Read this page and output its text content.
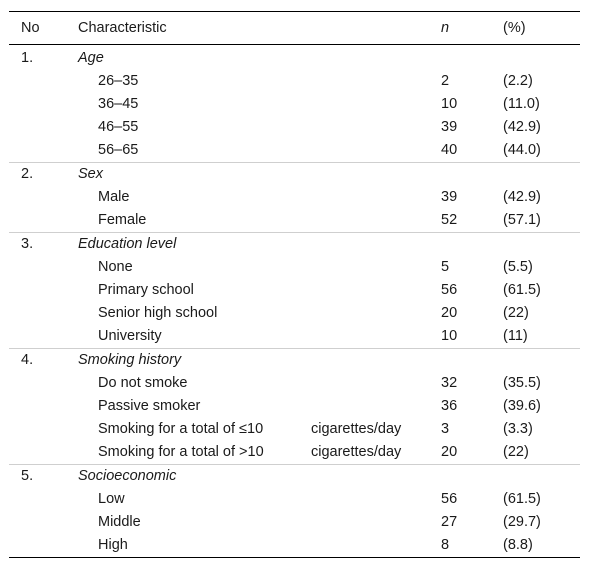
No	Characteristic	n	(%)
1.	Age
26–35	2	(2.2)
36–45	10	(11.0)
46–55	39	(42.9)
56–65	40	(44.0)
2.	Sex
Male	39	(42.9)
Female	52	(57.1)
3.	Education level
None	5	(5.5)
Primary school	56	(61.5)
Senior high school	20	(22)
University	10	(11)
4.	Smoking history
Do not smoke	32	(35.5)
Passive smoker	36	(39.6)
Smoking for a total of ≤10	cigarettes/day	3	(3.3)
Smoking for a total of >10	cigarettes/day	20	(22)
5.	Socioeconomic
Low	56	(61.5)
Middle	27	(29.7)
High	8	(8.8)
